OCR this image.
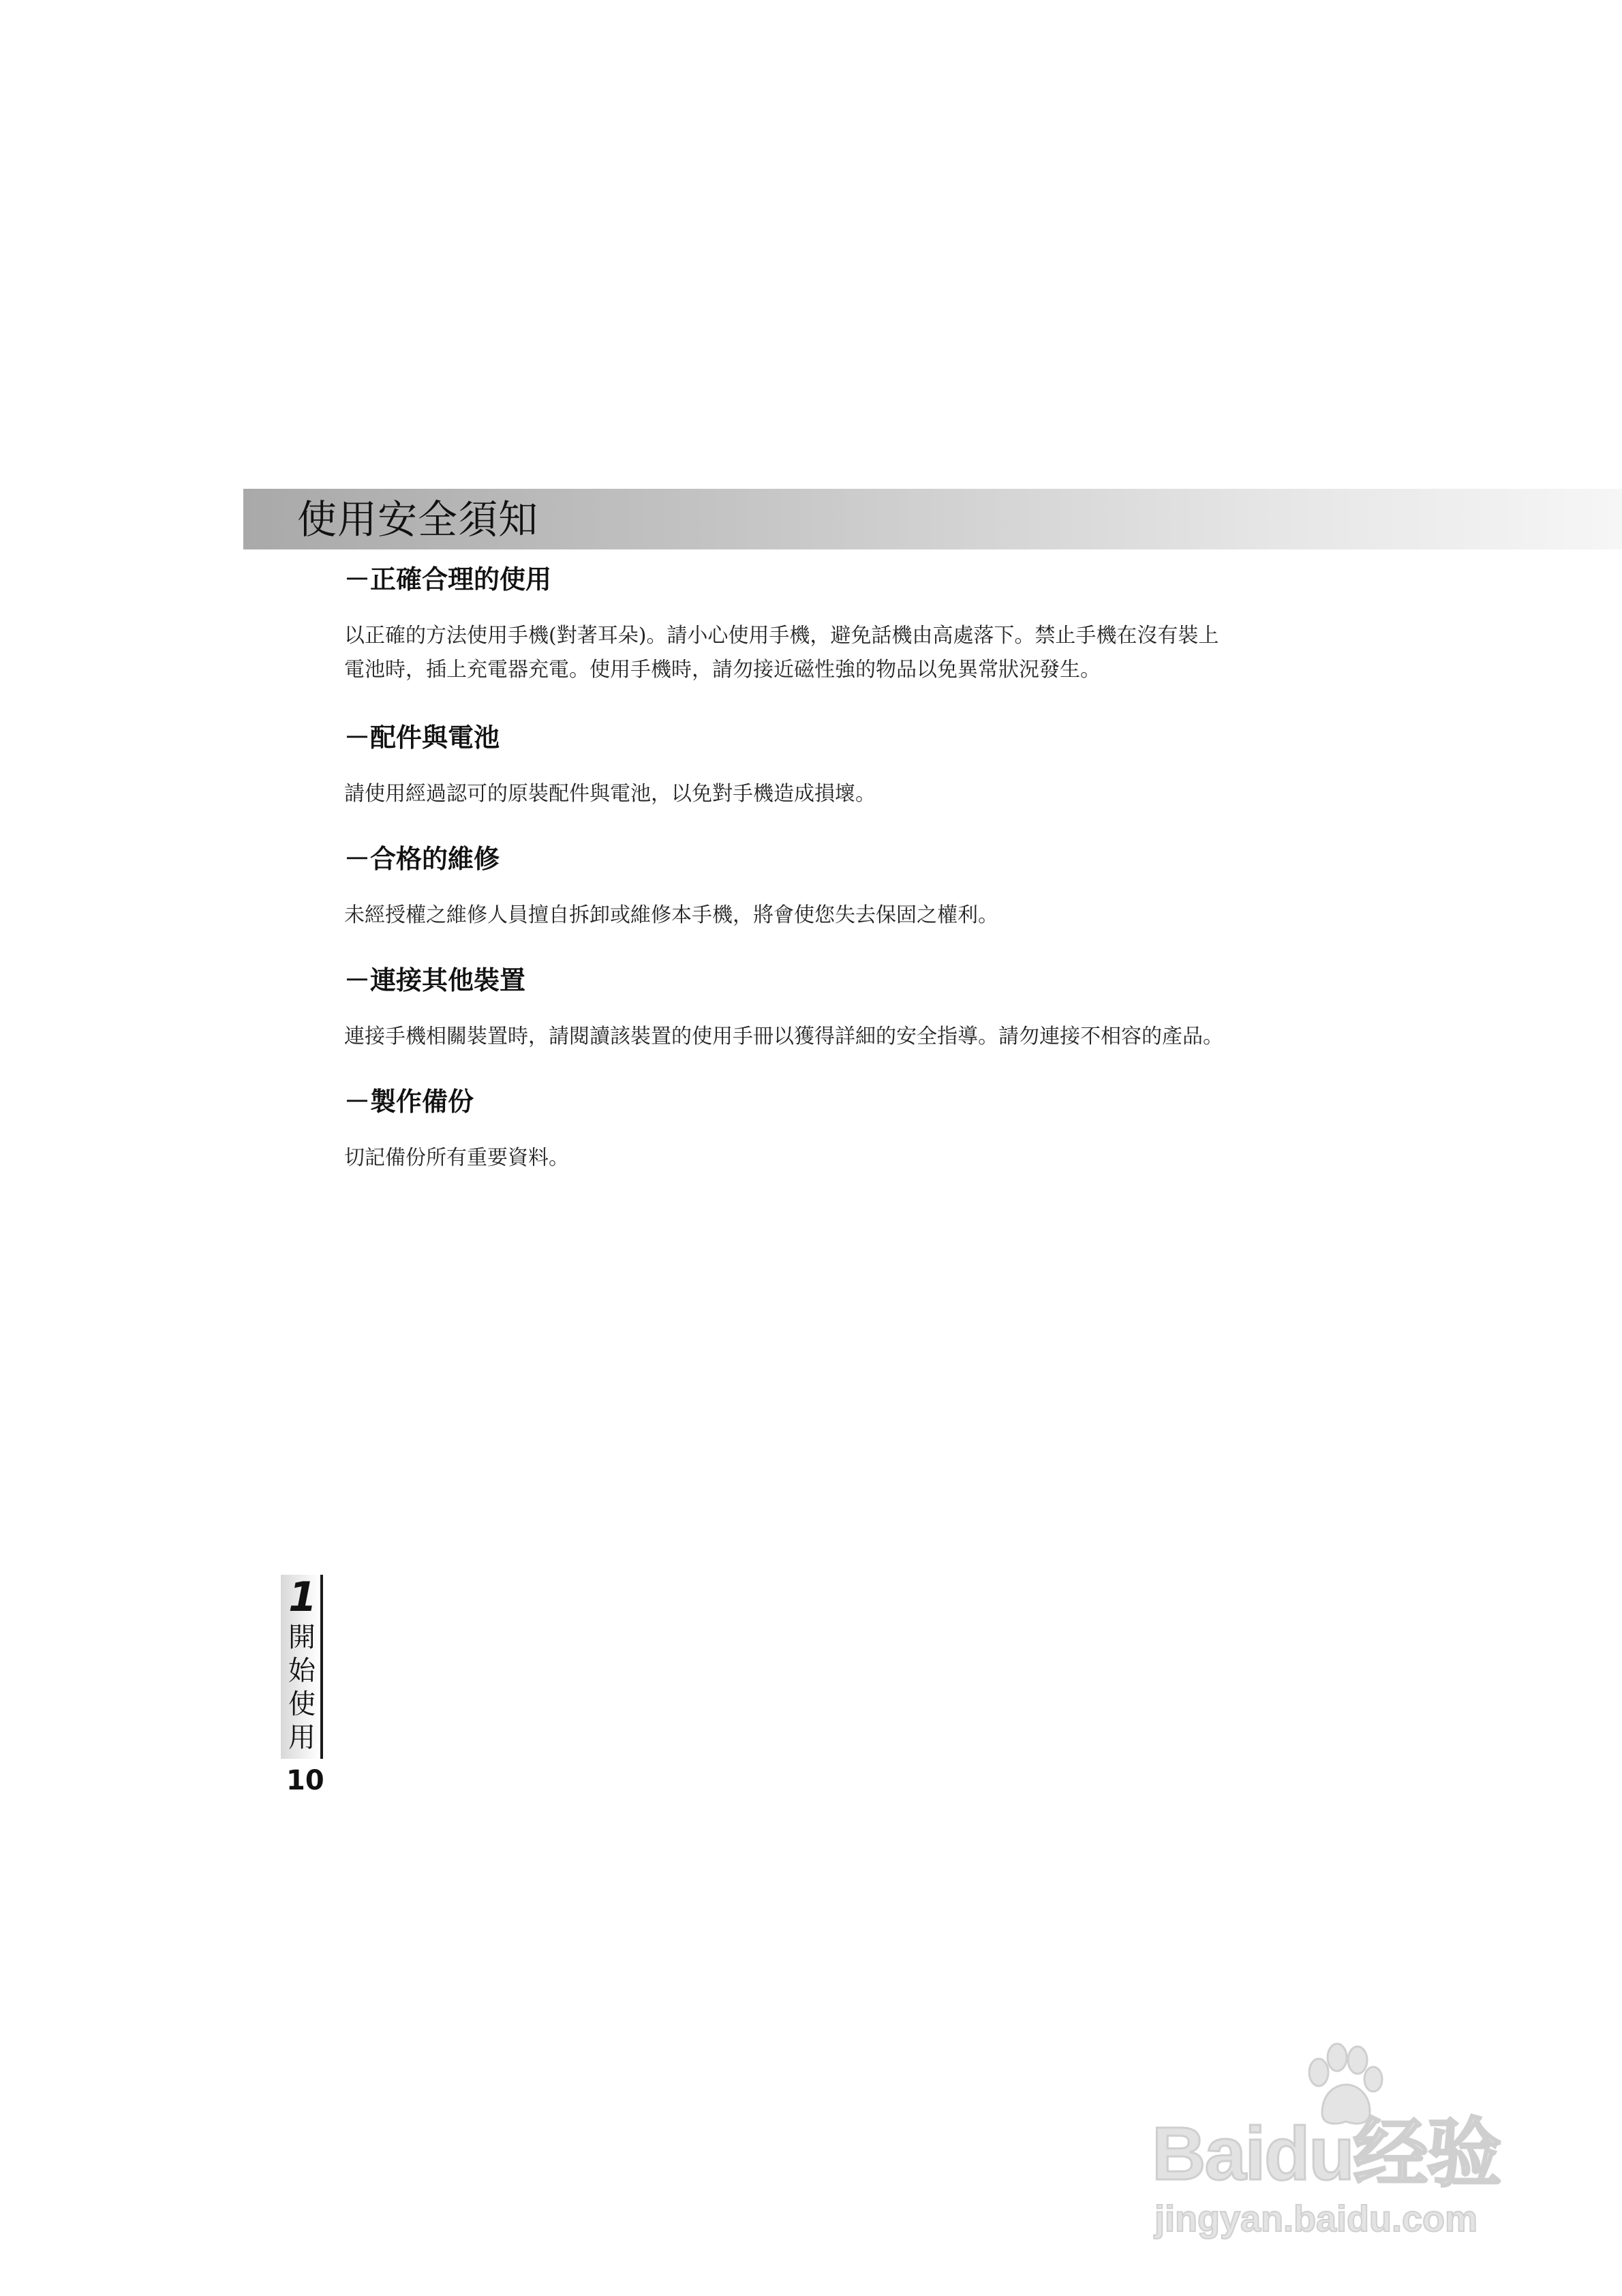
使用安全須知
－正確合理的使用
以正確的方法使用手機(對著耳朵)。請小心使用手機，避免話機由高處落下。禁止手機在沒有裝上
電池時，插上充電器充電。使用手機時，請勿接近磁性強的物品以免異常狀況發生。
－配件與電池
請使用經過認可的原裝配件與電池，以免對手機造成損壞。
－合格的維修
未經授權之維修人員擅自拆卸或維修本手機，將會使您失去保固之權利。
－連接其他裝置
連接手機相關裝置時，請閱讀該裝置的使用手冊以獲得詳細的安全指導。請勿連接不相容的產品。
－製作備份
切記備份所有重要資料。
1
開
始
使
用
10
Baidu经验
jingyan.baidu.com
